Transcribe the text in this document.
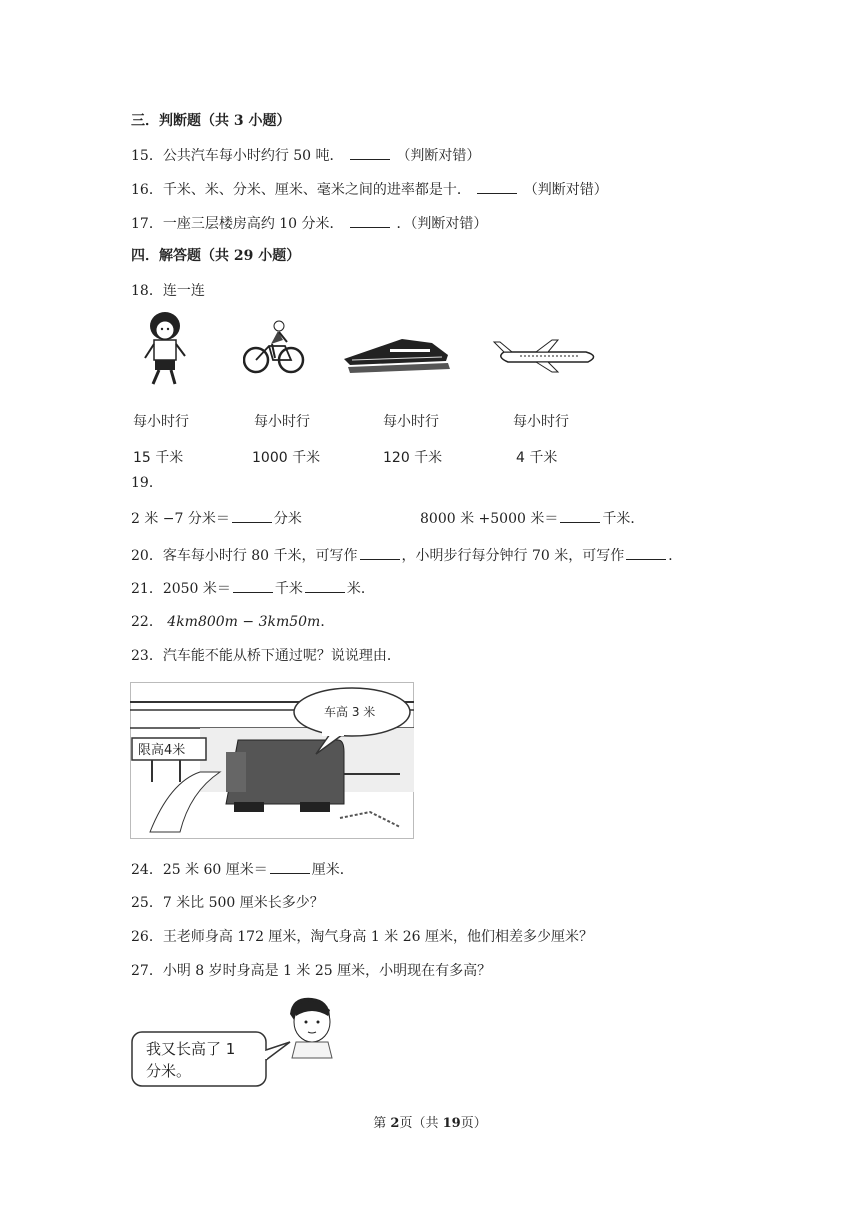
三．判断题（共 3 小题）
15．公共汽车每小时约行 50 吨．	（判断对错）
16．千米、米、分米、厘米、毫米之间的进率都是十．	（判断对错）
17．一座三层楼房高约 10 分米．	．（判断对错）
四．解答题（共 29 小题）
18．连一连
每小时行	每小时行	每小时行	每小时行
15 千米	1000 千米	120 千米	4 千米
19．
2 米 −7 分米＝	分米	8000 米 +5000 米＝	千米．
20．客车每小时行 80 千米，可写作	，小明步行每分钟行 70 米，可写作	．
21．2050 米＝	千米	米．
22． 4km800m − 3km50m．
23．汽车能不能从桥下通过呢？说说理由．
限高4米
车高 3 米
24．25 米 60 厘米＝	厘米．
25．7 米比 500 厘米长多少？
26．王老师身高 172 厘米，淘气身高 1 米 26 厘米，他们相差多少厘米？
27．小明 8 岁时身高是 1 米 25 厘米，小明现在有多高？
我又长高了 1
分米。
第 2页（共 19页）
